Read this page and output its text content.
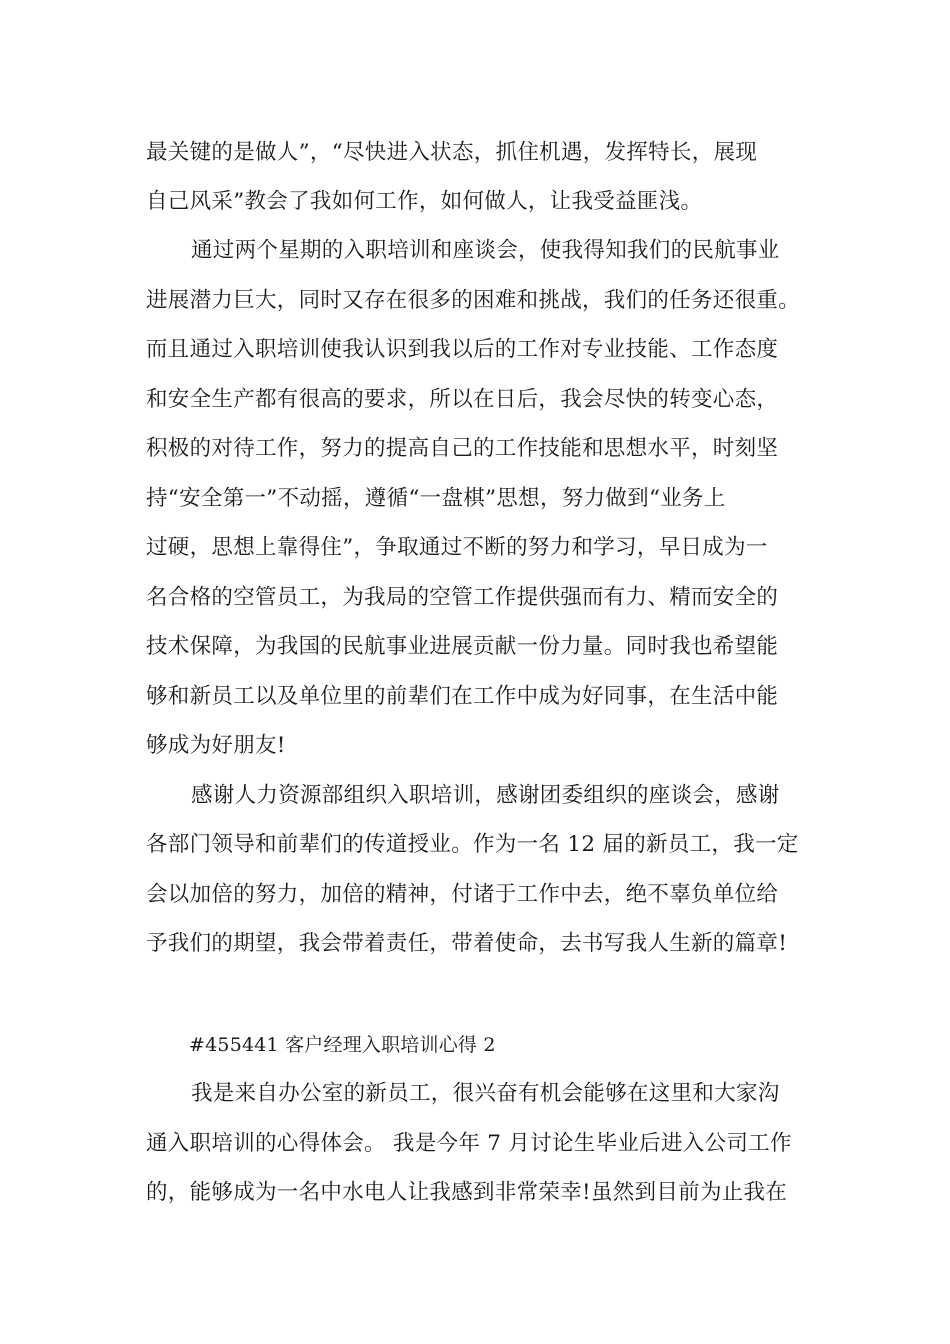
最关键的是做人”，“尽快进入状态，抓住机遇，发挥特长，展现
自己风采”教会了我如何工作，如何做人，让我受益匪浅。
通过两个星期的入职培训和座谈会，使我得知我们的民航事业
进展潜力巨大，同时又存在很多的困难和挑战，我们的任务还很重。
而且通过入职培训使我认识到我以后的工作对专业技能、工作态度
和安全生产都有很高的要求，所以在日后，我会尽快的转变心态，
积极的对待工作，努力的提高自己的工作技能和思想水平，时刻坚
持“安全第一”不动摇，遵循“一盘棋”思想，努力做到“业务上
过硬，思想上靠得住”，争取通过不断的努力和学习，早日成为一
名合格的空管员工，为我局的空管工作提供强而有力、精而安全的
技术保障，为我国的民航事业进展贡献一份力量。同时我也希望能
够和新员工以及单位里的前辈们在工作中成为好同事，在生活中能
够成为好朋友!
感谢人力资源部组织入职培训，感谢团委组织的座谈会，感谢
各部门领导和前辈们的传道授业。作为一名 12 届的新员工，我一定
会以加倍的努力，加倍的精神，付诸于工作中去，绝不辜负单位给
予我们的期望，我会带着责任，带着使命，去书写我人生新的篇章!
#455441 客户经理入职培训心得 2
我是来自办公室的新员工，很兴奋有机会能够在这里和大家沟
通入职培训的心得体会。 我是今年 7 月讨论生毕业后进入公司工作
的，能够成为一名中水电人让我感到非常荣幸!虽然到目前为止我在
